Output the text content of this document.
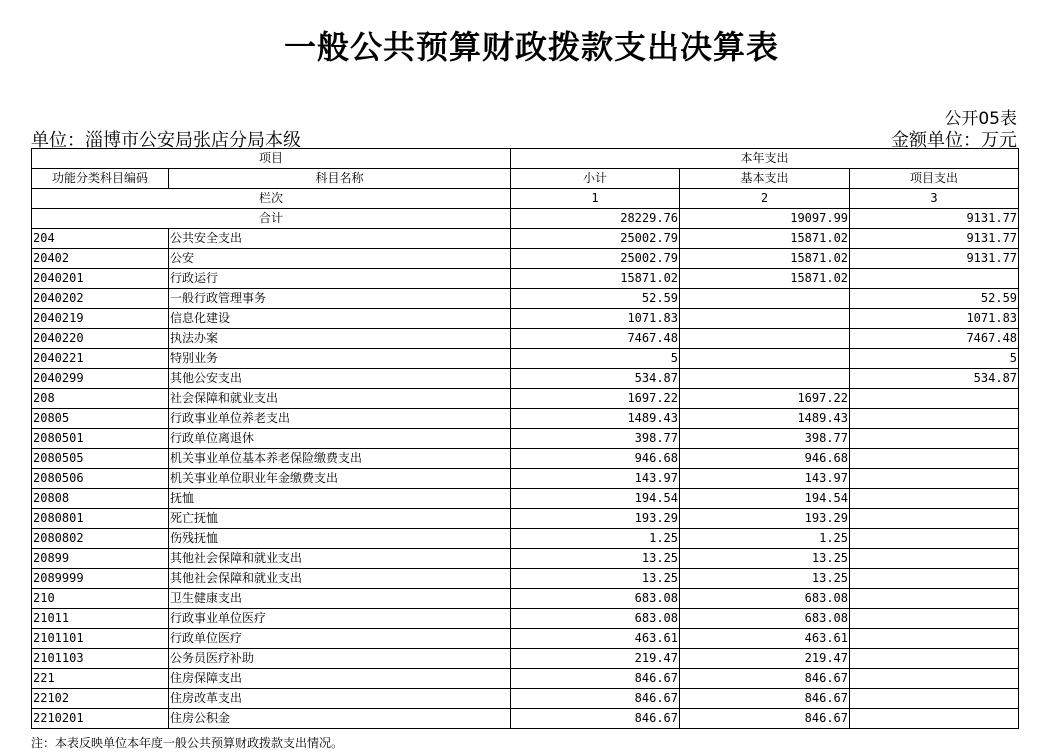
一般公共预算财政拨款支出决算表
公开05表
单位：淄博市公安局张店分局本级	金额单位：万元
项目		本年支出		
功能分类科目编码	科目名称	小计	基本支出	项目支出
栏次		1	2	3
合计		28229.76	19097.99	9131.77
204	公共安全支出	25002.79	15871.02	9131.77
20402	公安	25002.79	15871.02	9131.77
2040201	行政运行	15871.02	15871.02	
2040202	一般行政管理事务	52.59		52.59
2040219	信息化建设	1071.83		1071.83
2040220	执法办案	7467.48		7467.48
2040221	特别业务	5		5
2040299	其他公安支出	534.87		534.87
208	社会保障和就业支出	1697.22	1697.22	
20805	行政事业单位养老支出	1489.43	1489.43	
2080501	行政单位离退休	398.77	398.77	
2080505	机关事业单位基本养老保险缴费支出	946.68	946.68	
2080506	机关事业单位职业年金缴费支出	143.97	143.97	
20808	抚恤	194.54	194.54	
2080801	死亡抚恤	193.29	193.29	
2080802	伤残抚恤	1.25	1.25	
20899	其他社会保障和就业支出	13.25	13.25	
2089999	其他社会保障和就业支出	13.25	13.25	
210	卫生健康支出	683.08	683.08	
21011	行政事业单位医疗	683.08	683.08	
2101101	行政单位医疗	463.61	463.61	
2101103	公务员医疗补助	219.47	219.47	
221	住房保障支出	846.67	846.67	
22102	住房改革支出	846.67	846.67	
2210201	住房公积金	846.67	846.67	
注：本表反映单位本年度一般公共预算财政拨款支出情况。
